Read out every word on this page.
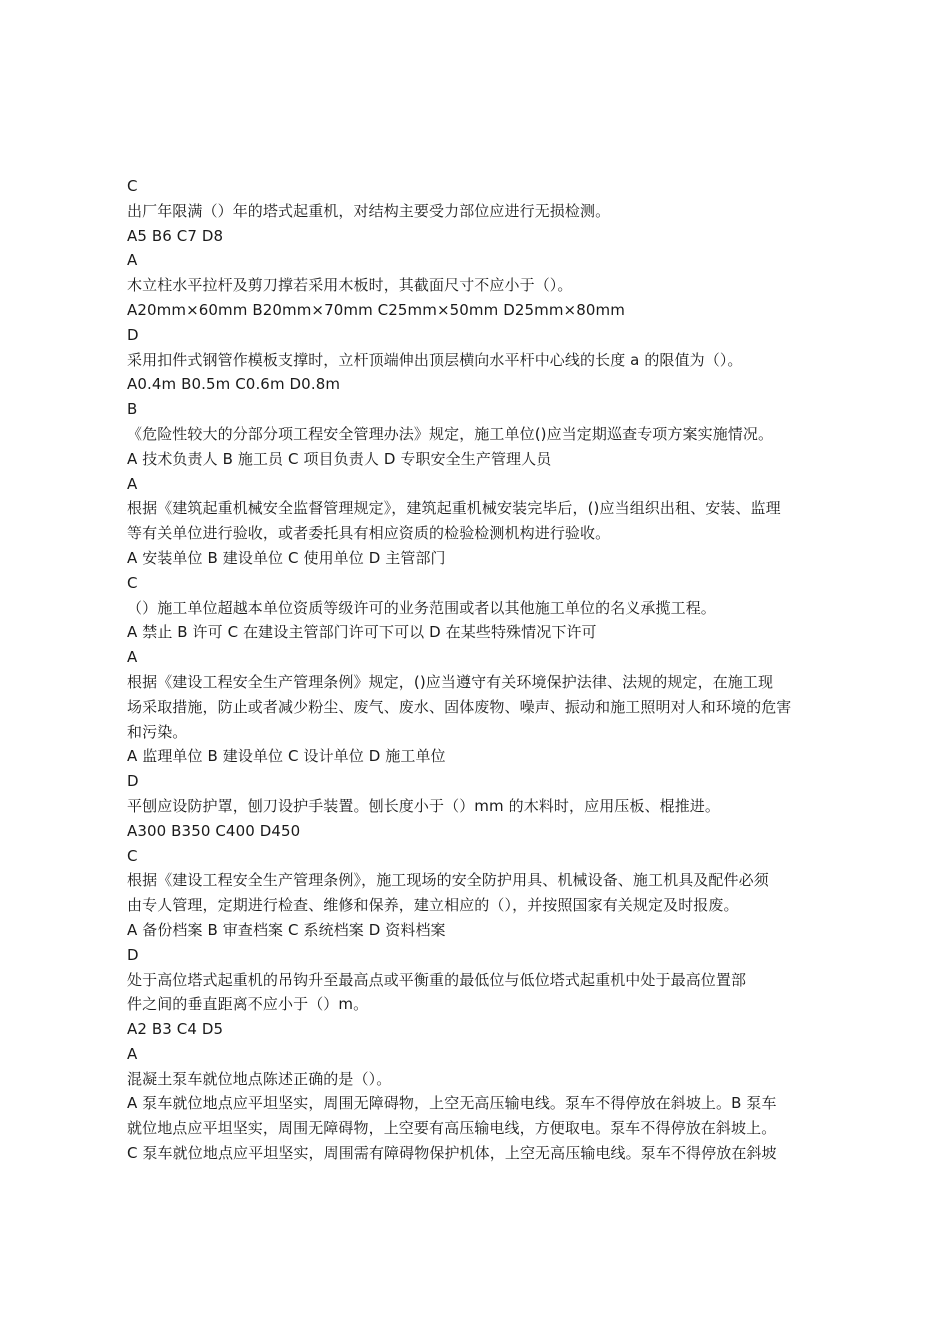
C
出厂年限满（）年的塔式起重机，对结构主要受力部位应进行无损检测。
A5 B6 C7 D8
A
木立柱水平拉杆及剪刀撑若采用木板时，其截面尺寸不应小于（）。
A20mm×60mm B20mm×70mm C25mm×50mm D25mm×80mm
D
采用扣件式钢管作模板支撑时，立杆顶端伸出顶层横向水平杆中心线的长度 a 的限值为（）。
A0.4m B0.5m C0.6m D0.8m
B
《危险性较大的分部分项工程安全管理办法》规定，施工单位()应当定期巡查专项方案实施情况。
A 技术负责人 B 施工员 C 项目负责人 D 专职安全生产管理人员
A
根据《建筑起重机械安全监督管理规定》，建筑起重机械安装完毕后，()应当组织出租、安装、监理
等有关单位进行验收，或者委托具有相应资质的检验检测机构进行验收。
A 安装单位 B 建设单位 C 使用单位 D 主管部门
C
（）施工单位超越本单位资质等级许可的业务范围或者以其他施工单位的名义承揽工程。
A 禁止 B 许可 C 在建设主管部门许可下可以 D 在某些特殊情况下许可
A
根据《建设工程安全生产管理条例》规定，()应当遵守有关环境保护法律、法规的规定，在施工现
场采取措施，防止或者减少粉尘、废气、废水、固体废物、噪声、振动和施工照明对人和环境的危害
和污染。
A 监理单位 B 建设单位 C 设计单位 D 施工单位
D
平刨应设防护罩，刨刀设护手装置。刨长度小于（）mm 的木料时，应用压板、棍推进。
A300 B350 C400 D450
C
根据《建设工程安全生产管理条例》，施工现场的安全防护用具、机械设备、施工机具及配件必须
由专人管理，定期进行检查、维修和保养，建立相应的（），并按照国家有关规定及时报废。
A 备份档案 B 审查档案 C 系统档案 D 资料档案
D
处于高位塔式起重机的吊钩升至最高点或平衡重的最低位与低位塔式起重机中处于最高位置部
件之间的垂直距离不应小于（）m。
A2 B3 C4 D5
A
混凝土泵车就位地点陈述正确的是（）。
A 泵车就位地点应平坦坚实，周围无障碍物，上空无高压输电线。泵车不得停放在斜坡上。B 泵车
就位地点应平坦坚实，周围无障碍物，上空要有高压输电线，方便取电。泵车不得停放在斜坡上。
C 泵车就位地点应平坦坚实，周围需有障碍物保护机体，上空无高压输电线。泵车不得停放在斜坡
